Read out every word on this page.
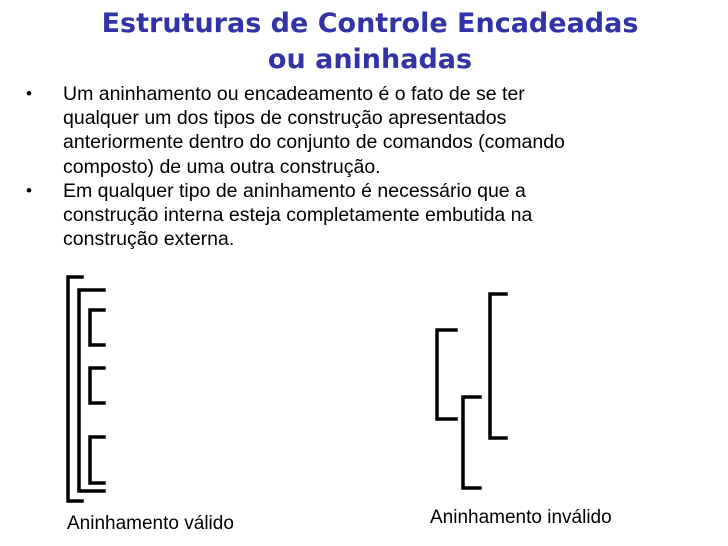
Estruturas de Controle Encadeadas
ou aninhadas
• Um aninhamento ou encadeamento é o fato de se ter
qualquer um dos tipos de construção apresentados
anteriormente dentro do conjunto de comandos (comando
composto) de uma outra construção.
• Em qualquer tipo de aninhamento é necessário que a
construção interna esteja completamente embutida na
construção externa.
Aninhamento válido	Aninhamento inválido
